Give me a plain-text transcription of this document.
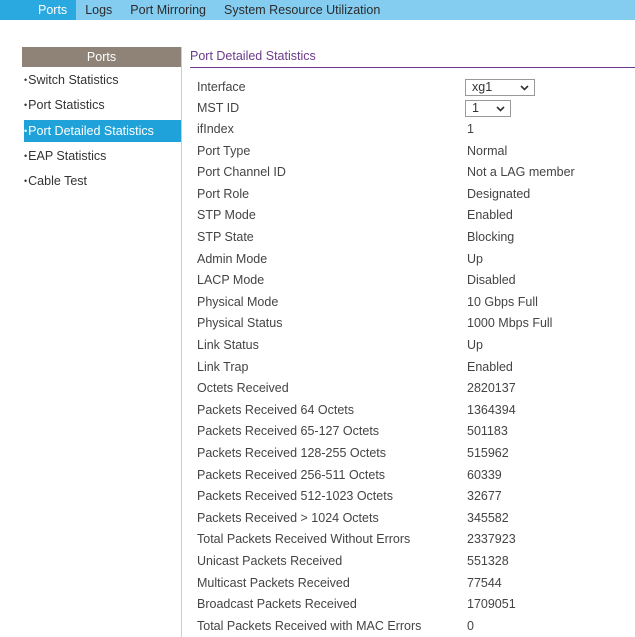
Ports	Logs	Port Mirroring	System Resource Utilization
Ports
•Switch Statistics
•Port Statistics
•Port Detailed Statistics
•EAP Statistics
•Cable Test
Port Detailed Statistics
Interface	xg1
MST ID	1
ifIndex	1
Port Type	Normal
Port Channel ID	Not a LAG member
Port Role	Designated
STP Mode	Enabled
STP State	Blocking
Admin Mode	Up
LACP Mode	Disabled
Physical Mode	10 Gbps Full
Physical Status	1000 Mbps Full
Link Status	Up
Link Trap	Enabled
Octets Received	2820137
Packets Received 64 Octets	1364394
Packets Received 65-127 Octets	501183
Packets Received 128-255 Octets	515962
Packets Received 256-511 Octets	60339
Packets Received 512-1023 Octets	32677
Packets Received > 1024 Octets	345582
Total Packets Received Without Errors	2337923
Unicast Packets Received	551328
Multicast Packets Received	77544
Broadcast Packets Received	1709051
Total Packets Received with MAC Errors	0
